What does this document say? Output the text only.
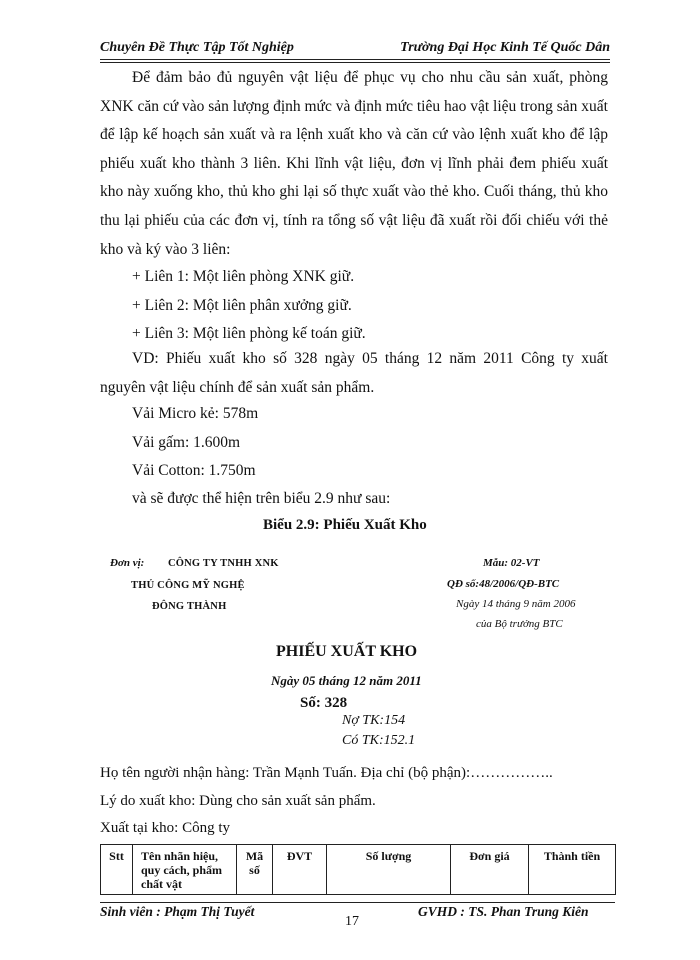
Chuyên Đề Thực Tập Tốt Nghiệp	Trường Đại Học Kinh Tế Quốc Dân

Để đảm bảo đủ nguyên vật liệu để phục vụ cho nhu cầu sản xuất, phòng XNK căn cứ vào sản lượng định mức và định mức tiêu hao vật liệu trong sản xuất để lập kế hoạch sản xuất và ra lệnh xuất kho và căn cứ vào lệnh xuất kho để lập phiếu xuất kho thành 3 liên. Khi lĩnh vật liệu, đơn vị lĩnh phải đem phiếu xuất kho này xuống kho, thủ kho ghi lại số thực xuất vào thẻ kho. Cuối tháng, thủ kho thu lại phiếu của các đơn vị, tính ra tổng số vật liệu đã xuất rồi đối chiếu với thẻ kho và ký vào 3 liên:

+ Liên 1: Một liên phòng XNK giữ.
+ Liên 2: Một liên phân xưởng giữ.
+ Liên 3: Một liên phòng kế toán giữ.

VD: Phiếu xuất kho số 328 ngày 05 tháng 12 năm 2011 Công ty xuất nguyên vật liệu chính để sản xuất sản phẩm.

Vải Micro kẻ: 578m
Vải gấm: 1.600m
Vải Cotton: 1.750m
và sẽ được thể hiện trên biểu 2.9 như sau:
Biểu 2.9: Phiếu Xuất Kho
Đơn vị: CÔNG TY TNHH XNK
THỦ CÔNG MỸ NGHỆ
ĐÔNG THÀNH
Mẫu: 02-VT
QĐ số:48/2006/QĐ-BTC
Ngày 14 tháng 9 năm 2006
của Bộ trưởng BTC
PHIẾU XUẤT KHO
Ngày 05 tháng 12 năm 2011
Số: 328
Nợ TK:154
Có TK:152.1
Họ tên người nhận hàng: Trần Mạnh Tuấn. Địa chỉ (bộ phận):……………..
Lý do xuất kho: Dùng cho sản xuất sản phẩm.
Xuất tại kho: Công ty
Stt	Tên nhãn hiệu, quy cách, phẩm chất vật	Mã số	ĐVT	Số lượng	Đơn giá	Thành tiền
Sinh viên : Phạm Thị Tuyết	GVHD : TS. Phan Trung Kiên
17
